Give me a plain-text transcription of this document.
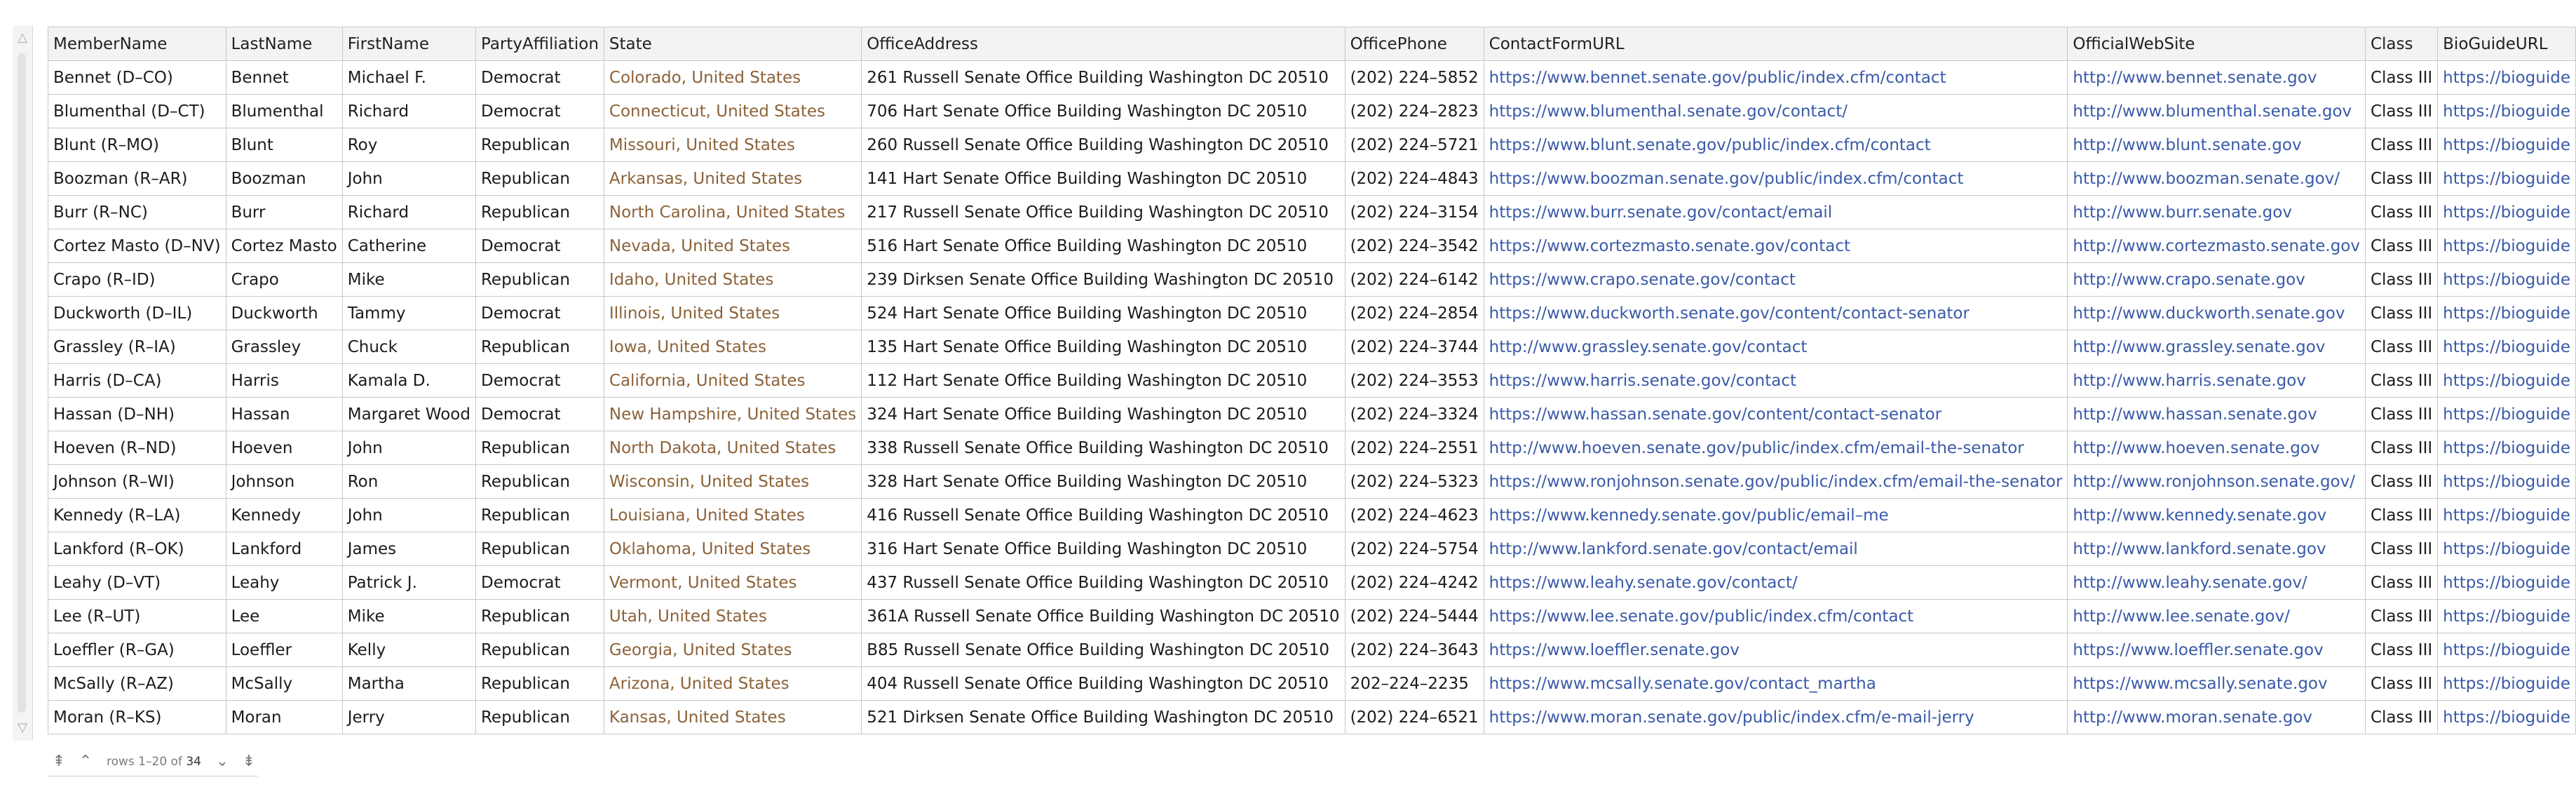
△
▽
MemberName	LastName	FirstName	PartyAffiliation	State	OfficeAddress	OfficePhone	ContactFormURL	OfficialWebSite	Class	BioGuideURL
Bennet (D–CO)	Bennet	Michael F.	Democrat	Colorado, United States	261 Russell Senate Office Building Washington DC 20510	(202) 224–5852	https://www.bennet.senate.gov/public/index.cfm/contact	http://www.bennet.senate.gov	Class III	https://bioguide
Blumenthal (D–CT)	Blumenthal	Richard	Democrat	Connecticut, United States	706 Hart Senate Office Building Washington DC 20510	(202) 224–2823	https://www.blumenthal.senate.gov/contact/	http://www.blumenthal.senate.gov	Class III	https://bioguide
Blunt (R–MO)	Blunt	Roy	Republican	Missouri, United States	260 Russell Senate Office Building Washington DC 20510	(202) 224–5721	https://www.blunt.senate.gov/public/index.cfm/contact	http://www.blunt.senate.gov	Class III	https://bioguide
Boozman (R–AR)	Boozman	John	Republican	Arkansas, United States	141 Hart Senate Office Building Washington DC 20510	(202) 224–4843	https://www.boozman.senate.gov/public/index.cfm/contact	http://www.boozman.senate.gov/	Class III	https://bioguide
Burr (R–NC)	Burr	Richard	Republican	North Carolina, United States	217 Russell Senate Office Building Washington DC 20510	(202) 224–3154	https://www.burr.senate.gov/contact/email	http://www.burr.senate.gov	Class III	https://bioguide
Cortez Masto (D–NV)	Cortez Masto	Catherine	Democrat	Nevada, United States	516 Hart Senate Office Building Washington DC 20510	(202) 224–3542	https://www.cortezmasto.senate.gov/contact	http://www.cortezmasto.senate.gov	Class III	https://bioguide
Crapo (R–ID)	Crapo	Mike	Republican	Idaho, United States	239 Dirksen Senate Office Building Washington DC 20510	(202) 224–6142	https://www.crapo.senate.gov/contact	http://www.crapo.senate.gov	Class III	https://bioguide
Duckworth (D–IL)	Duckworth	Tammy	Democrat	Illinois, United States	524 Hart Senate Office Building Washington DC 20510	(202) 224–2854	https://www.duckworth.senate.gov/content/contact-senator	http://www.duckworth.senate.gov	Class III	https://bioguide
Grassley (R–IA)	Grassley	Chuck	Republican	Iowa, United States	135 Hart Senate Office Building Washington DC 20510	(202) 224–3744	http://www.grassley.senate.gov/contact	http://www.grassley.senate.gov	Class III	https://bioguide
Harris (D–CA)	Harris	Kamala D.	Democrat	California, United States	112 Hart Senate Office Building Washington DC 20510	(202) 224–3553	https://www.harris.senate.gov/contact	http://www.harris.senate.gov	Class III	https://bioguide
Hassan (D–NH)	Hassan	Margaret Wood	Democrat	New Hampshire, United States	324 Hart Senate Office Building Washington DC 20510	(202) 224–3324	https://www.hassan.senate.gov/content/contact-senator	http://www.hassan.senate.gov	Class III	https://bioguide
Hoeven (R–ND)	Hoeven	John	Republican	North Dakota, United States	338 Russell Senate Office Building Washington DC 20510	(202) 224–2551	http://www.hoeven.senate.gov/public/index.cfm/email-the-senator	http://www.hoeven.senate.gov	Class III	https://bioguide
Johnson (R–WI)	Johnson	Ron	Republican	Wisconsin, United States	328 Hart Senate Office Building Washington DC 20510	(202) 224–5323	https://www.ronjohnson.senate.gov/public/index.cfm/email-the-senator	http://www.ronjohnson.senate.gov/	Class III	https://bioguide
Kennedy (R–LA)	Kennedy	John	Republican	Louisiana, United States	416 Russell Senate Office Building Washington DC 20510	(202) 224–4623	https://www.kennedy.senate.gov/public/email–me	http://www.kennedy.senate.gov	Class III	https://bioguide
Lankford (R–OK)	Lankford	James	Republican	Oklahoma, United States	316 Hart Senate Office Building Washington DC 20510	(202) 224–5754	http://www.lankford.senate.gov/contact/email	http://www.lankford.senate.gov	Class III	https://bioguide
Leahy (D–VT)	Leahy	Patrick J.	Democrat	Vermont, United States	437 Russell Senate Office Building Washington DC 20510	(202) 224–4242	https://www.leahy.senate.gov/contact/	http://www.leahy.senate.gov/	Class III	https://bioguide
Lee (R–UT)	Lee	Mike	Republican	Utah, United States	361A Russell Senate Office Building Washington DC 20510	(202) 224–5444	https://www.lee.senate.gov/public/index.cfm/contact	http://www.lee.senate.gov/	Class III	https://bioguide
Loeffler (R–GA)	Loeffler	Kelly	Republican	Georgia, United States	B85 Russell Senate Office Building Washington DC 20510	(202) 224–3643	https://www.loeffler.senate.gov	https://www.loeffler.senate.gov	Class III	https://bioguide
McSally (R–AZ)	McSally	Martha	Republican	Arizona, United States	404 Russell Senate Office Building Washington DC 20510	202–224–2235	https://www.mcsally.senate.gov/contact_martha	https://www.mcsally.senate.gov	Class III	https://bioguide
Moran (R–KS)	Moran	Jerry	Republican	Kansas, United States	521 Dirksen Senate Office Building Washington DC 20510	(202) 224–6521	https://www.moran.senate.gov/public/index.cfm/e-mail-jerry	http://www.moran.senate.gov	Class III	https://bioguide
⇞ ⌃	rows 1–20 of 34 ⌄ ⇟
